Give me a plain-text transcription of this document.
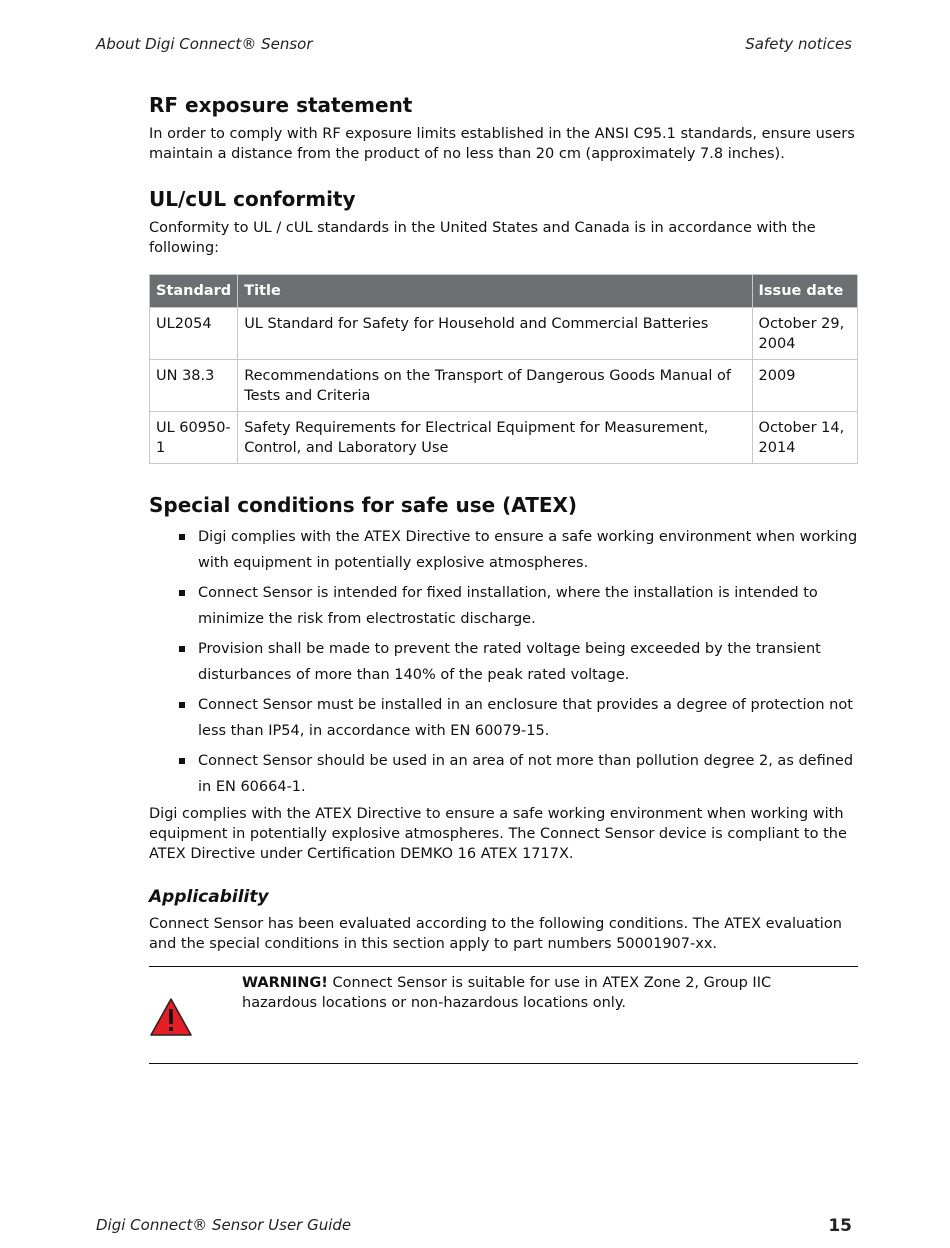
About Digi Connect® Sensor	Safety notices
RF exposure statement

In order to comply with RF exposure limits established in the ANSI C95.1 standards, ensure users maintain a distance from the product of no less than 20 cm (approximately 7.8 inches).

UL/cUL conformity

Conformity to UL / cUL standards in the United States and Canada is in accordance with the following:

Standard	Title	Issue date
UL2054	UL Standard for Safety for Household and Commercial Batteries	October 29, 2004
UN 38.3	Recommendations on the Transport of Dangerous Goods Manual of Tests and Criteria	2009
UL 60950-1	Safety Requirements for Electrical Equipment for Measurement, Control, and Laboratory Use	October 14, 2014
Special conditions for safe use (ATEX)
Digi complies with the ATEX Directive to ensure a safe working environment when working with equipment in potentially explosive atmospheres.
Connect Sensor is intended for fixed installation, where the installation is intended to minimize the risk from electrostatic discharge.
Provision shall be made to prevent the rated voltage being exceeded by the transient disturbances of more than 140% of the peak rated voltage.
Connect Sensor must be installed in an enclosure that provides a degree of protection not less than IP54, in accordance with EN 60079-15.
Connect Sensor should be used in an area of not more than pollution degree 2, as defined in EN 60664-1.

Digi complies with the ATEX Directive to ensure a safe working environment when working with equipment in potentially explosive atmospheres. The Connect Sensor device is compliant to the ATEX Directive under Certification DEMKO 16 ATEX 1717X.

Applicability

Connect Sensor has been evaluated according to the following conditions. The ATEX evaluation and the special conditions in this section apply to part numbers 50001907-xx.

WARNING! Connect Sensor is suitable for use in ATEX Zone 2, Group IIC hazardous locations or non-hazardous locations only.
Digi Connect® Sensor User Guide	15
